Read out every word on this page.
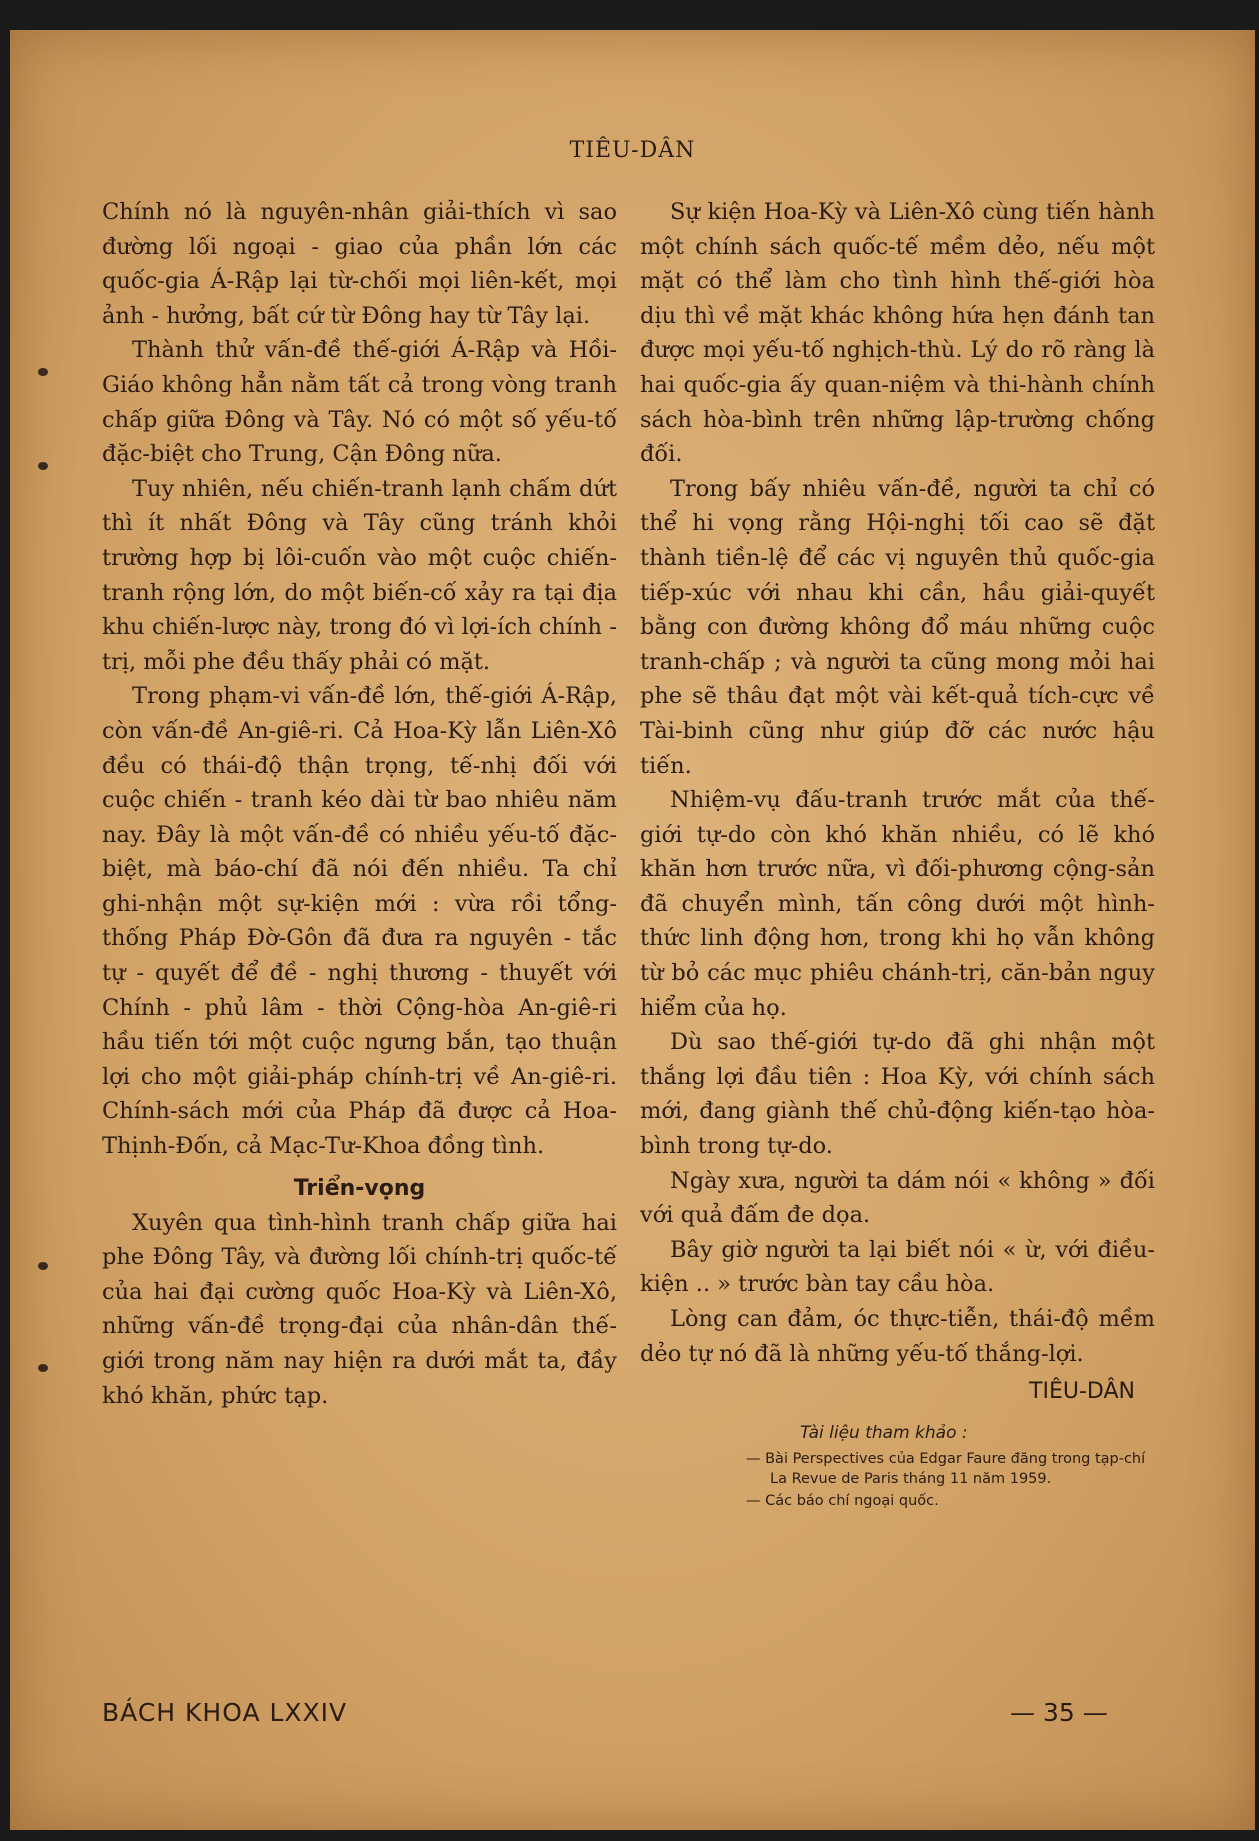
TIÊU-DÂN

Chính nó là nguyên-nhân giải-thích vì sao đường lối ngoại - giao của phần lớn các quốc-gia Á-Rập lại từ-chối mọi liên-kết, mọi ảnh - hưởng, bất cứ từ Đông hay từ Tây lại.

Thành thử vấn-đề thế-giới Á-Rập và Hồi-Giáo không hẳn nằm tất cả trong vòng tranh chấp giữa Đông và Tây. Nó có một số yếu-tố đặc-biệt cho Trung, Cận Đông nữa.

Tuy nhiên, nếu chiến-tranh lạnh chấm dứt thì ít nhất Đông và Tây cũng tránh khỏi trường hợp bị lôi-cuốn vào một cuộc chiến-tranh rộng lớn, do một biến-cố xảy ra tại địa khu chiến-lược này, trong đó vì lợi-ích chính - trị, mỗi phe đều thấy phải có mặt.

Trong phạm-vi vấn-đề lớn, thế-giới Á-Rập, còn vấn-đề An-giê-ri. Cả Hoa-Kỳ lẫn Liên-Xô đều có thái-độ thận trọng, tế-nhị đối với cuộc chiến - tranh kéo dài từ bao nhiêu năm nay. Đây là một vấn-đề có nhiều yếu-tố đặc-biệt, mà báo-chí đã nói đến nhiều. Ta chỉ ghi-nhận một sự-kiện mới : vừa rồi tổng-thống Pháp Đờ-Gôn đã đưa ra nguyên - tắc tự - quyết để đề - nghị thương - thuyết với Chính - phủ lâm - thời Cộng-hòa An-giê-ri hầu tiến tới một cuộc ngưng bắn, tạo thuận lợi cho một giải-pháp chính-trị về An-giê-ri. Chính-sách mới của Pháp đã được cả Hoa-Thịnh-Đốn, cả Mạc-Tư-Khoa đồng tình.

Triển-vọng

Xuyên qua tình-hình tranh chấp giữa hai phe Đông Tây, và đường lối chính-trị quốc-tế của hai đại cường quốc Hoa-Kỳ và Liên-Xô, những vấn-đề trọng-đại của nhân-dân thế-giới trong năm nay hiện ra dưới mắt ta, đầy khó khăn, phức tạp.

Sự kiện Hoa-Kỳ và Liên-Xô cùng tiến hành một chính sách quốc-tế mềm dẻo, nếu một mặt có thể làm cho tình hình thế-giới hòa dịu thì về mặt khác không hứa hẹn đánh tan được mọi yếu-tố nghịch-thù. Lý do rõ ràng là hai quốc-gia ấy quan-niệm và thi-hành chính sách hòa-bình trên những lập-trường chống đối.

Trong bấy nhiêu vấn-đề, người ta chỉ có thể hi vọng rằng Hội-nghị tối cao sẽ đặt thành tiền-lệ để các vị nguyên thủ quốc-gia tiếp-xúc với nhau khi cần, hầu giải-quyết bằng con đường không đổ máu những cuộc tranh-chấp ; và người ta cũng mong mỏi hai phe sẽ thâu đạt một vài kết-quả tích-cực về Tài-binh cũng như giúp đỡ các nước hậu tiến.

Nhiệm-vụ đấu-tranh trước mắt của thế-giới tự-do còn khó khăn nhiều, có lẽ khó khăn hơn trước nữa, vì đối-phương cộng-sản đã chuyển mình, tấn công dưới một hình-thức linh động hơn, trong khi họ vẫn không từ bỏ các mục phiêu chánh-trị, căn-bản nguy hiểm của họ.

Dù sao thế-giới tự-do đã ghi nhận một thắng lợi đầu tiên : Hoa Kỳ, với chính sách mới, đang giành thế chủ-động kiến-tạo hòa-bình trong tự-do.

Ngày xưa, người ta dám nói « không » đối với quả đấm đe dọa.

Bây giờ người ta lại biết nói « ừ, với điều-kiện .. » trước bàn tay cầu hòa.

Lòng can đảm, óc thực-tiễn, thái-độ mềm dẻo tự nó đã là những yếu-tố thắng-lợi.

TIÊU-DÂN
Tài liệu tham khảo :
— Bài Perspectives của Edgar Faure đăng trong tạp-chí La Revue de Paris tháng 11 năm 1959.
— Các báo chí ngoại quốc.
BÁCH KHOA LXXIV	— 35 —
